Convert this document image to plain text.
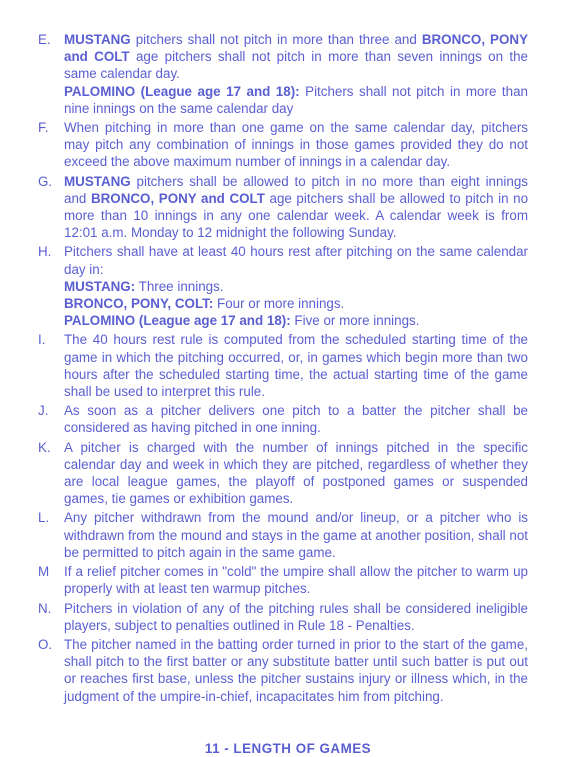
E. MUSTANG pitchers shall not pitch in more than three and BRONCO, PONY and COLT age pitchers shall not pitch in more than seven innings on the same calendar day.
PALOMINO (League age 17 and 18): Pitchers shall not pitch in more than nine innings on the same calendar day
F.	When pitching in more than one game on the same calendar day, pitchers may pitch any combination of innings in those games provided they do not exceed the above maximum number of innings in a calendar day.
G. MUSTANG pitchers shall be allowed to pitch in no more than eight innings and BRONCO, PONY and COLT age pitchers shall be allowed to pitch in no more than 10 innings in any one calendar week. A calendar week is from 12:01 a.m. Monday to 12 midnight the following Sunday.
H. Pitchers shall have at least 40 hours rest after pitching on the same calendar day in:
MUSTANG: Three innings.
BRONCO, PONY, COLT: Four or more innings.
PALOMINO (League age 17 and 18): Five or more innings.
I.	The 40 hours rest rule is computed from the scheduled starting time of the game in which the pitching occurred, or, in games which begin more than two hours after the scheduled starting time, the actual starting time of the game shall be used to interpret this rule.
J.	As soon as a pitcher delivers one pitch to a batter the pitcher shall be considered as having pitched in one inning.
K. A pitcher is charged with the number of innings pitched in the specific calendar day and week in which they are pitched, regardless of whether they are local league games, the playoff of postponed games or suspended games, tie games or exhibition games.
L.	Any pitcher withdrawn from the mound and/or lineup, or a pitcher who is withdrawn from the mound and stays in the game at another position, shall not be permitted to pitch again in the same game.
M	If a relief pitcher comes in "cold" the umpire shall allow the pitcher to warm up properly with at least ten warmup pitches.
N. Pitchers in violation of any of the pitching rules shall be considered ineligible players, subject to penalties outlined in Rule 18 - Penalties.
O. The pitcher named in the batting order turned in prior to the start of the game, shall pitch to the first batter or any substitute batter until such batter is put out or reaches first base, unless the pitcher sustains injury or illness which, in the judgment of the umpire-in-chief, incapacitates him from pitching.
11 - LENGTH OF GAMES
